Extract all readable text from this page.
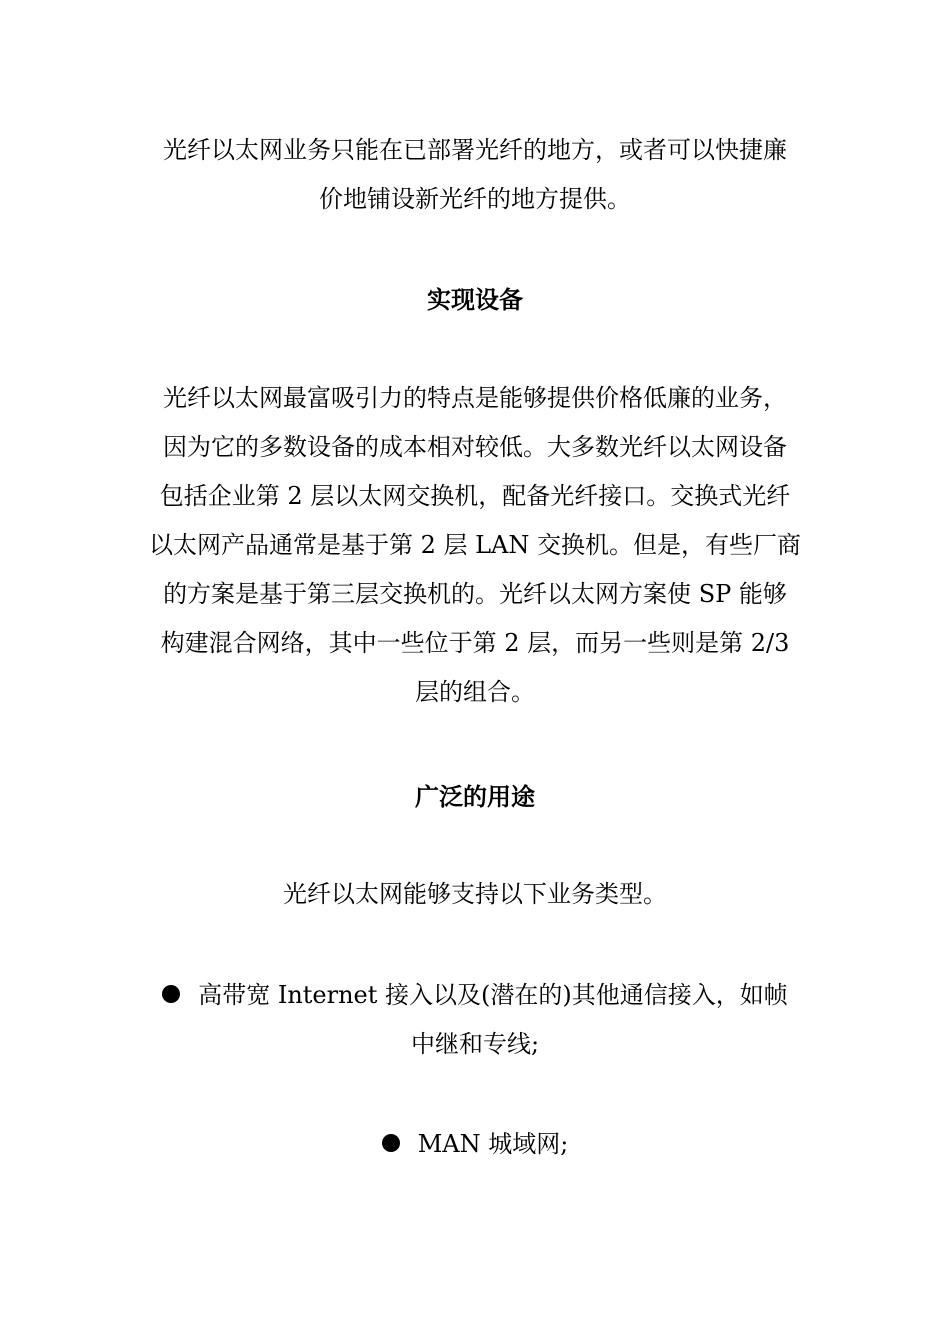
光纤以太网业务只能在已部署光纤的地方，或者可以快捷廉
价地铺设新光纤的地方提供。

实现设备

光纤以太网最富吸引力的特点是能够提供价格低廉的业务，
因为它的多数设备的成本相对较低。大多数光纤以太网设备
包括企业第 2 层以太网交换机，配备光纤接口。交换式光纤
以太网产品通常是基于第 2 层 LAN 交换机。但是，有些厂商
的方案是基于第三层交换机的。光纤以太网方案使 SP 能够
构建混合网络，其中一些位于第 2 层，而另一些则是第 2/3
层的组合。

广泛的用途

光纤以太网能够支持以下业务类型。

高带宽 Internet 接入以及(潜在的)其他通信接入，如帧
中继和专线;

MAN 城域网;
